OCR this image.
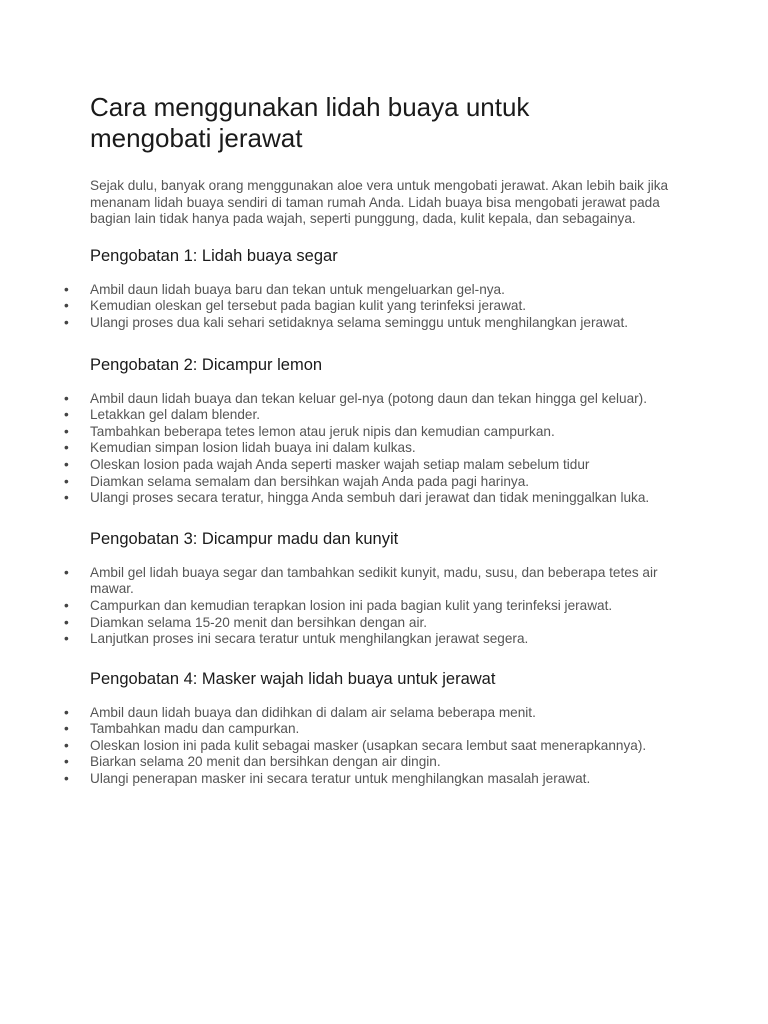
Cara menggunakan lidah buaya untuk mengobati jerawat

Sejak dulu, banyak orang menggunakan aloe vera untuk mengobati jerawat. Akan lebih baik jika menanam lidah buaya sendiri di taman rumah Anda. Lidah buaya bisa mengobati jerawat pada bagian lain tidak hanya pada wajah, seperti punggung, dada, kulit kepala, dan sebagainya.

Pengobatan 1: Lidah buaya segar
• Ambil daun lidah buaya baru dan tekan untuk mengeluarkan gel-nya.
• Kemudian oleskan gel tersebut pada bagian kulit yang terinfeksi jerawat.
• Ulangi proses dua kali sehari setidaknya selama seminggu untuk menghilangkan jerawat.
Pengobatan 2: Dicampur lemon
• Ambil daun lidah buaya dan tekan keluar gel-nya (potong daun dan tekan hingga gel keluar).
• Letakkan gel dalam blender.
• Tambahkan beberapa tetes lemon atau jeruk nipis dan kemudian campurkan.
• Kemudian simpan losion lidah buaya ini dalam kulkas.
• Oleskan losion pada wajah Anda seperti masker wajah setiap malam sebelum tidur
• Diamkan selama semalam dan bersihkan wajah Anda pada pagi harinya.
• Ulangi proses secara teratur, hingga Anda sembuh dari jerawat dan tidak meninggalkan luka.
Pengobatan 3: Dicampur madu dan kunyit
• Ambil gel lidah buaya segar dan tambahkan sedikit kunyit, madu, susu, dan beberapa tetes air mawar.
• Campurkan dan kemudian terapkan losion ini pada bagian kulit yang terinfeksi jerawat.
• Diamkan selama 15-20 menit dan bersihkan dengan air.
• Lanjutkan proses ini secara teratur untuk menghilangkan jerawat segera.
Pengobatan 4: Masker wajah lidah buaya untuk jerawat
• Ambil daun lidah buaya dan didihkan di dalam air selama beberapa menit.
• Tambahkan madu dan campurkan.
• Oleskan losion ini pada kulit sebagai masker (usapkan secara lembut saat menerapkannya).
• Biarkan selama 20 menit dan bersihkan dengan air dingin.
• Ulangi penerapan masker ini secara teratur untuk menghilangkan masalah jerawat.
